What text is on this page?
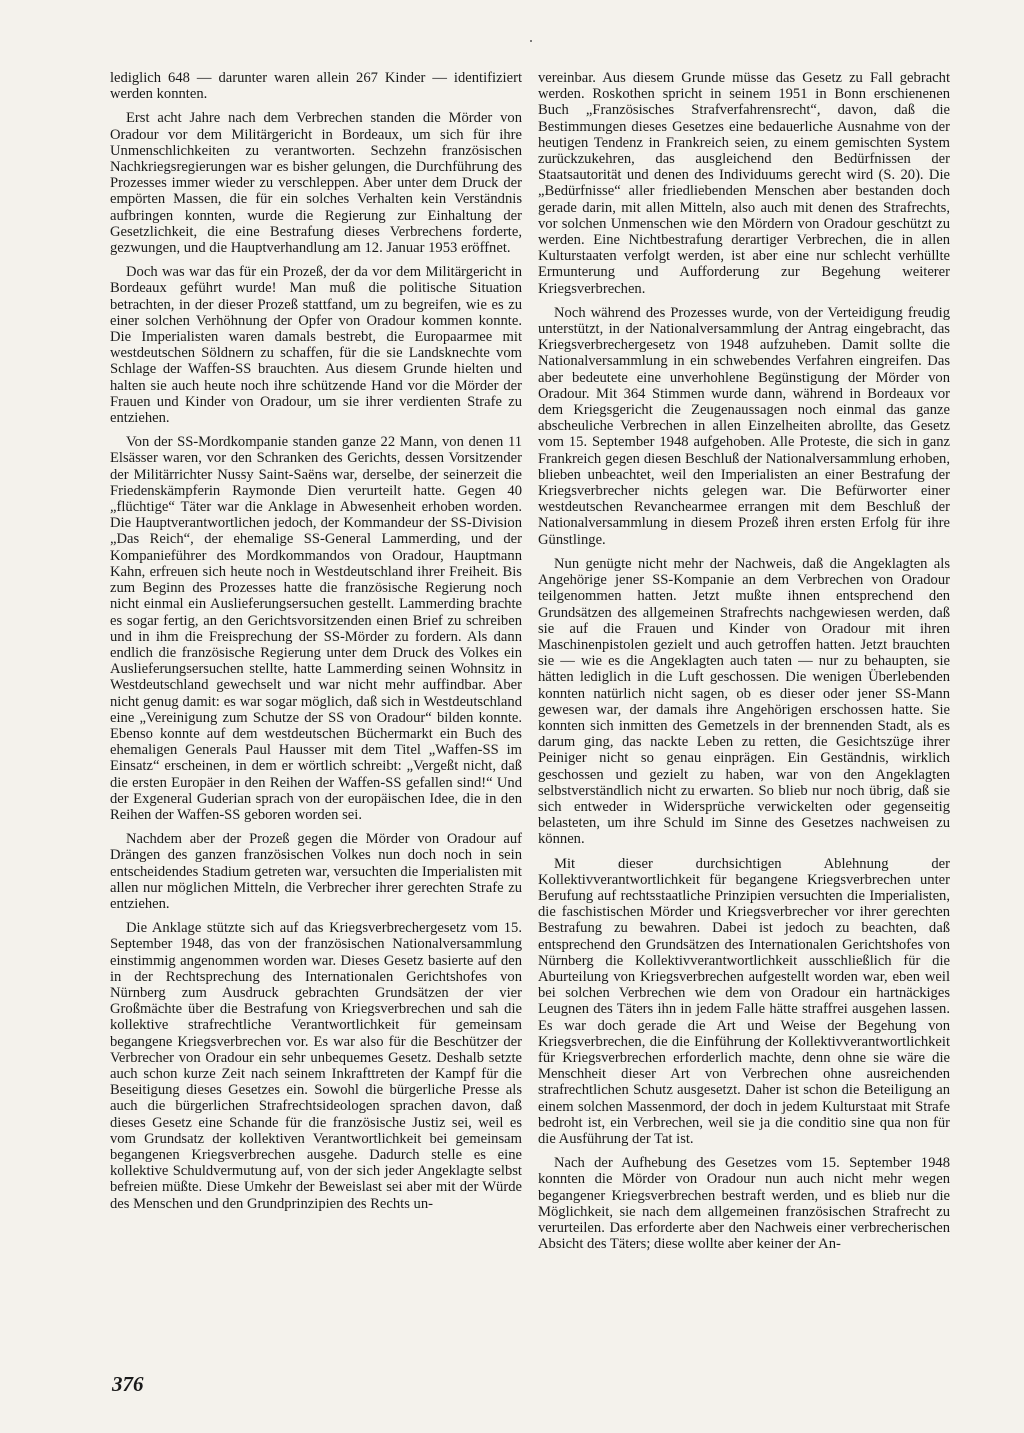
lediglich 648 — darunter waren allein 267 Kinder — identifiziert werden konnten.

Erst acht Jahre nach dem Verbrechen standen die Mörder von Oradour vor dem Militärgericht in Bordeaux, um sich für ihre Unmenschlichkeiten zu verantworten. Sechzehn französischen Nachkriegsregierungen war es bisher gelungen, die Durchführung des Prozesses immer wieder zu verschleppen. Aber unter dem Druck der empörten Massen, die für ein solches Verhalten kein Verständnis aufbringen konnten, wurde die Regierung zur Einhaltung der Gesetzlichkeit, die eine Bestrafung dieses Verbrechens forderte, gezwungen, und die Hauptverhandlung am 12. Januar 1953 eröffnet.

Doch was war das für ein Prozeß, der da vor dem Militärgericht in Bordeaux geführt wurde! Man muß die politische Situation betrachten, in der dieser Prozeß stattfand, um zu begreifen, wie es zu einer solchen Verhöhnung der Opfer von Oradour kommen konnte. Die Imperialisten waren damals bestrebt, die Europaarmee mit westdeutschen Söldnern zu schaffen, für die sie Landsknechte vom Schlage der Waffen-SS brauchten. Aus diesem Grunde hielten und halten sie auch heute noch ihre schützende Hand vor die Mörder der Frauen und Kinder von Oradour, um sie ihrer verdienten Strafe zu entziehen.

Von der SS-Mordkompanie standen ganze 22 Mann, von denen 11 Elsässer waren, vor den Schranken des Gerichts, dessen Vorsitzender der Militärrichter Nussy Saint-Saëns war, derselbe, der seinerzeit die Friedenskämpferin Raymonde Dien verurteilt hatte. Gegen 40 „flüchtige“ Täter war die Anklage in Abwesenheit erhoben worden. Die Hauptverantwortlichen jedoch, der Kommandeur der SS-Division „Das Reich“, der ehemalige SS-General Lammerding, und der Kompanieführer des Mordkommandos von Oradour, Hauptmann Kahn, erfreuen sich heute noch in Westdeutschland ihrer Freiheit. Bis zum Beginn des Prozesses hatte die französische Regierung noch nicht einmal ein Auslieferungsersuchen gestellt. Lammerding brachte es sogar fertig, an den Gerichtsvorsitzenden einen Brief zu schreiben und in ihm die Freisprechung der SS-Mörder zu fordern. Als dann endlich die französische Regierung unter dem Druck des Volkes ein Auslieferungsersuchen stellte, hatte Lammerding seinen Wohnsitz in Westdeutschland gewechselt und war nicht mehr auffindbar. Aber nicht genug damit: es war sogar möglich, daß sich in Westdeutschland eine „Vereinigung zum Schutze der SS von Oradour“ bilden konnte. Ebenso konnte auf dem westdeutschen Büchermarkt ein Buch des ehemaligen Generals Paul Hausser mit dem Titel „Waffen-SS im Einsatz“ erscheinen, in dem er wörtlich schreibt: „Vergeßt nicht, daß die ersten Europäer in den Reihen der Waffen-SS gefallen sind!“ Und der Exgeneral Guderian sprach von der europäischen Idee, die in den Reihen der Waffen-SS geboren worden sei.

Nachdem aber der Prozeß gegen die Mörder von Oradour auf Drängen des ganzen französischen Volkes nun doch noch in sein entscheidendes Stadium getreten war, versuchten die Imperialisten mit allen nur möglichen Mitteln, die Verbrecher ihrer gerechten Strafe zu entziehen.

Die Anklage stützte sich auf das Kriegsverbrechergesetz vom 15. September 1948, das von der französischen Nationalversammlung einstimmig angenommen worden war. Dieses Gesetz basierte auf den in der Rechtsprechung des Internationalen Gerichtshofes von Nürnberg zum Ausdruck gebrachten Grundsätzen der vier Großmächte über die Bestrafung von Kriegsverbrechen und sah die kollektive strafrechtliche Verantwortlichkeit für gemeinsam begangene Kriegsverbrechen vor. Es war also für die Beschützer der Verbrecher von Oradour ein sehr unbequemes Gesetz. Deshalb setzte auch schon kurze Zeit nach seinem Inkrafttreten der Kampf für die Beseitigung dieses Gesetzes ein. Sowohl die bürgerliche Presse als auch die bürgerlichen Strafrechtsideologen sprachen davon, daß dieses Gesetz eine Schande für die französische Justiz sei, weil es vom Grundsatz der kollektiven Verantwortlichkeit bei gemeinsam begangenen Kriegsverbrechen ausgehe. Dadurch stelle es eine kollektive Schuldvermutung auf, von der sich jeder Angeklagte selbst befreien müßte. Diese Umkehr der Beweislast sei aber mit der Würde des Menschen und den Grundprinzipien des Rechts un-

vereinbar. Aus diesem Grunde müsse das Gesetz zu Fall gebracht werden. Roskothen spricht in seinem 1951 in Bonn erschienenen Buch „Französisches Strafverfahrensrecht“, davon, daß die Bestimmungen dieses Gesetzes eine bedauerliche Ausnahme von der heutigen Tendenz in Frankreich seien, zu einem gemischten System zurückzukehren, das ausgleichend den Bedürfnissen der Staatsautorität und denen des Individuums gerecht wird (S. 20). Die „Bedürfnisse“ aller friedliebenden Menschen aber bestanden doch gerade darin, mit allen Mitteln, also auch mit denen des Strafrechts, vor solchen Unmenschen wie den Mördern von Oradour geschützt zu werden. Eine Nichtbestrafung derartiger Verbrechen, die in allen Kulturstaaten verfolgt werden, ist aber eine nur schlecht verhüllte Ermunterung und Aufforderung zur Begehung weiterer Kriegsverbrechen.

Noch während des Prozesses wurde, von der Verteidigung freudig unterstützt, in der Nationalversammlung der Antrag eingebracht, das Kriegsverbrechergesetz von 1948 aufzuheben. Damit sollte die Nationalversammlung in ein schwebendes Verfahren eingreifen. Das aber bedeutete eine unverhohlene Begünstigung der Mörder von Oradour. Mit 364 Stimmen wurde dann, während in Bordeaux vor dem Kriegsgericht die Zeugenaussagen noch einmal das ganze abscheuliche Verbrechen in allen Einzelheiten abrollte, das Gesetz vom 15. September 1948 aufgehoben. Alle Proteste, die sich in ganz Frankreich gegen diesen Beschluß der Nationalversammlung erhoben, blieben unbeachtet, weil den Imperialisten an einer Bestrafung der Kriegsverbrecher nichts gelegen war. Die Befürworter einer westdeutschen Revanchearmee errangen mit dem Beschluß der Nationalversammlung in diesem Prozeß ihren ersten Erfolg für ihre Günstlinge.

Nun genügte nicht mehr der Nachweis, daß die Angeklagten als Angehörige jener SS-Kompanie an dem Verbrechen von Oradour teilgenommen hatten. Jetzt mußte ihnen entsprechend den Grundsätzen des allgemeinen Strafrechts nachgewiesen werden, daß sie auf die Frauen und Kinder von Oradour mit ihren Maschinenpistolen gezielt und auch getroffen hatten. Jetzt brauchten sie — wie es die Angeklagten auch taten — nur zu behaupten, sie hätten lediglich in die Luft geschossen. Die wenigen Überlebenden konnten natürlich nicht sagen, ob es dieser oder jener SS-Mann gewesen war, der damals ihre Angehörigen erschossen hatte. Sie konnten sich inmitten des Gemetzels in der brennenden Stadt, als es darum ging, das nackte Leben zu retten, die Gesichtszüge ihrer Peiniger nicht so genau einprägen. Ein Geständnis, wirklich geschossen und gezielt zu haben, war von den Angeklagten selbstverständlich nicht zu erwarten. So blieb nur noch übrig, daß sie sich entweder in Widersprüche verwickelten oder gegenseitig belasteten, um ihre Schuld im Sinne des Gesetzes nachweisen zu können.

Mit dieser durchsichtigen Ablehnung der Kollektivverantwortlichkeit für begangene Kriegsverbrechen unter Berufung auf rechtsstaatliche Prinzipien versuchten die Imperialisten, die faschistischen Mörder und Kriegsverbrecher vor ihrer gerechten Bestrafung zu bewahren. Dabei ist jedoch zu beachten, daß entsprechend den Grundsätzen des Internationalen Gerichtshofes von Nürnberg die Kollektivverantwortlichkeit ausschließlich für die Aburteilung von Kriegsverbrechen aufgestellt worden war, eben weil bei solchen Verbrechen wie dem von Oradour ein hartnäckiges Leugnen des Täters ihn in jedem Falle hätte straffrei ausgehen lassen. Es war doch gerade die Art und Weise der Begehung von Kriegsverbrechen, die die Einführung der Kollektivverantwortlichkeit für Kriegsverbrechen erforderlich machte, denn ohne sie wäre die Menschheit dieser Art von Verbrechen ohne ausreichenden strafrechtlichen Schutz ausgesetzt. Daher ist schon die Beteiligung an einem solchen Massenmord, der doch in jedem Kulturstaat mit Strafe bedroht ist, ein Verbrechen, weil sie ja die conditio sine qua non für die Ausführung der Tat ist.

Nach der Aufhebung des Gesetzes vom 15. September 1948 konnten die Mörder von Oradour nun auch nicht mehr wegen begangener Kriegsverbrechen bestraft werden, und es blieb nur die Möglichkeit, sie nach dem allgemeinen französischen Strafrecht zu verurteilen. Das erforderte aber den Nachweis einer verbrecherischen Absicht des Täters; diese wollte aber keiner der An-

376
